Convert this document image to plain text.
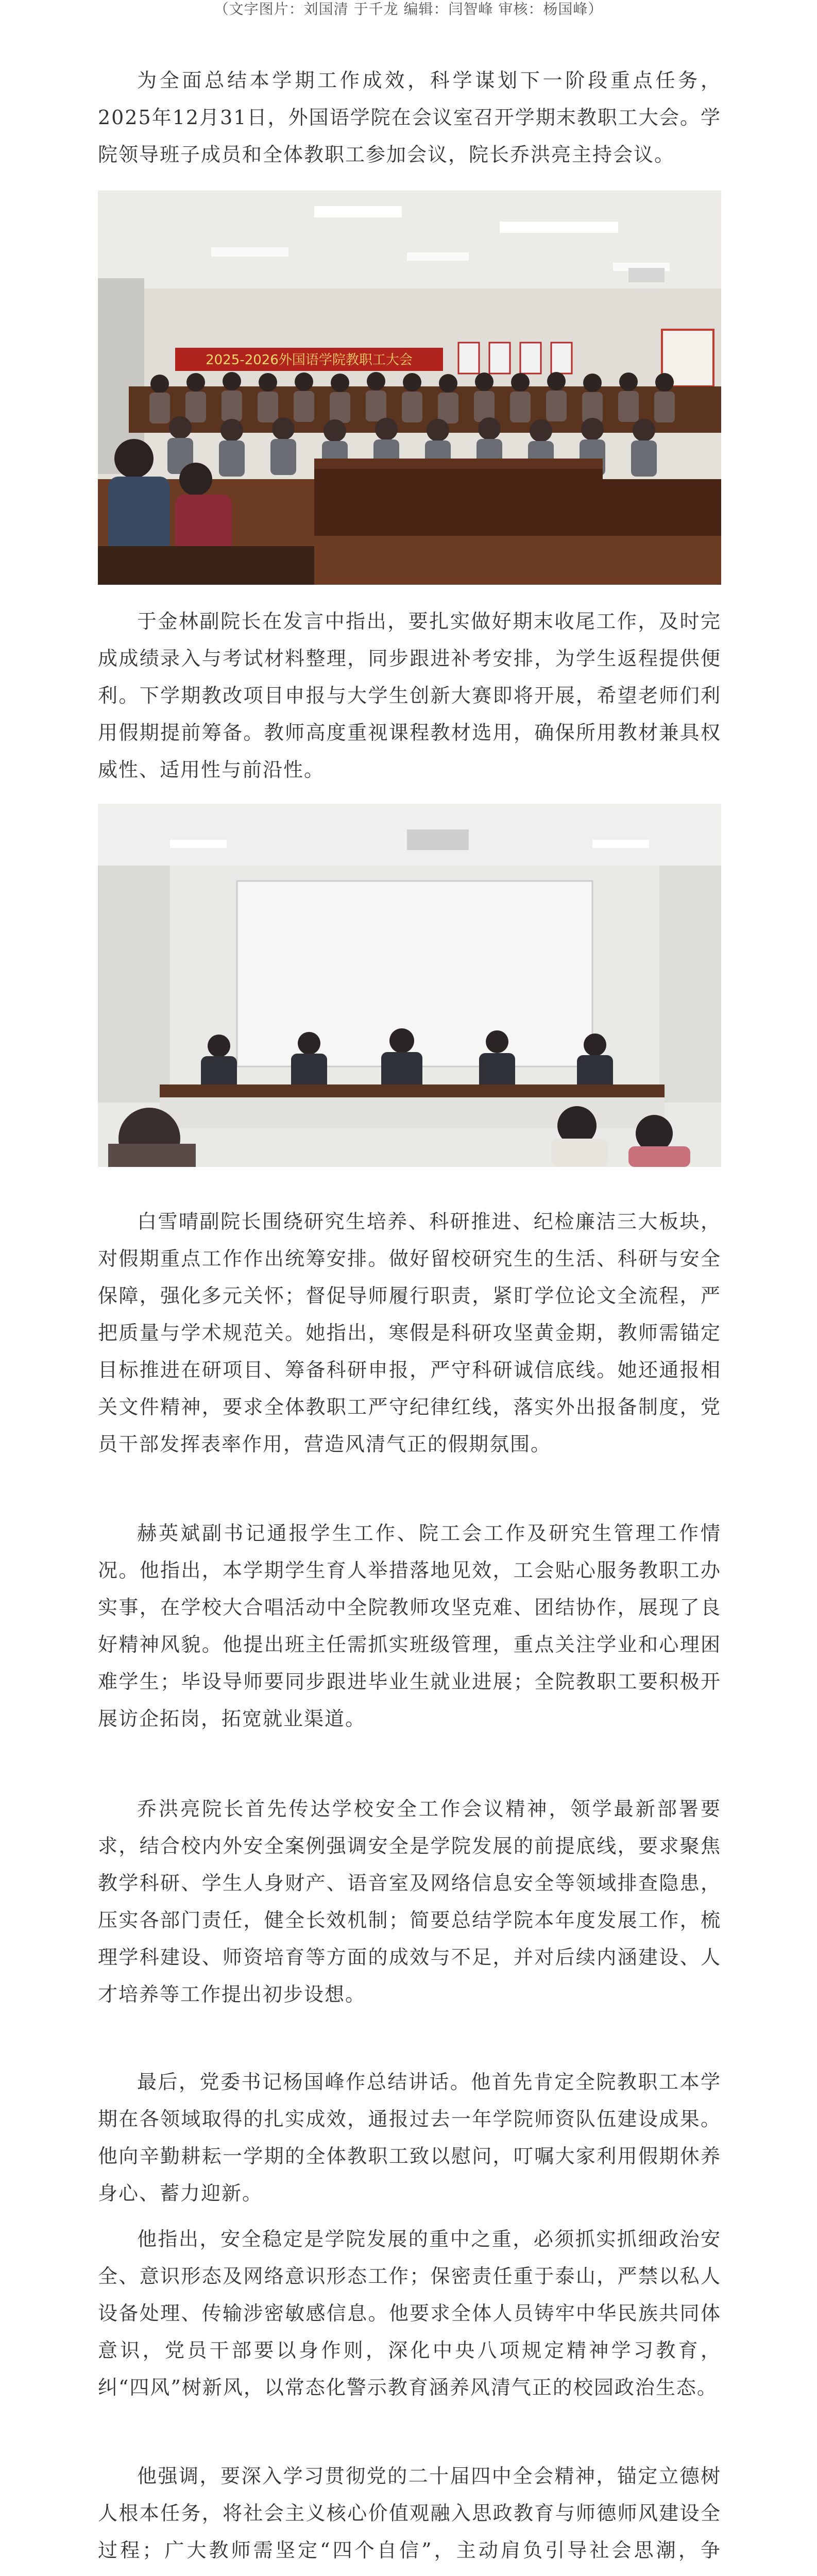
（文字图片：刘国清 于千龙 编辑：闫智峰 审核：杨国峰）

为全面总结本学期工作成效，科学谋划下一阶段重点任务，2025年12月31日，外国语学院在会议室召开学期末教职工大会。学院领导班子成员和全体教职工参加会议，院长乔洪亮主持会议。

2025-2026外国语学院教职工大会

于金林副院长在发言中指出，要扎实做好期末收尾工作，及时完成成绩录入与考试材料整理，同步跟进补考安排，为学生返程提供便利。下学期教改项目申报与大学生创新大赛即将开展，希望老师们利用假期提前筹备。教师高度重视课程教材选用，确保所用教材兼具权威性、适用性与前沿性。

白雪晴副院长围绕研究生培养、科研推进、纪检廉洁三大板块，对假期重点工作作出统筹安排。做好留校研究生的生活、科研与安全保障，强化多元关怀；督促导师履行职责，紧盯学位论文全流程，严把质量与学术规范关。她指出，寒假是科研攻坚黄金期，教师需锚定目标推进在研项目、筹备科研申报，严守科研诚信底线。她还通报相关文件精神，要求全体教职工严守纪律红线，落实外出报备制度，党员干部发挥表率作用，营造风清气正的假期氛围。

赫英斌副书记通报学生工作、院工会工作及研究生管理工作情况。他指出，本学期学生育人举措落地见效，工会贴心服务教职工办实事，在学校大合唱活动中全院教师攻坚克难、团结协作，展现了良好精神风貌。他提出班主任需抓实班级管理，重点关注学业和心理困难学生；毕设导师要同步跟进毕业生就业进展；全院教职工要积极开展访企拓岗，拓宽就业渠道。

乔洪亮院长首先传达学校安全工作会议精神，领学最新部署要求，结合校内外安全案例强调安全是学院发展的前提底线，要求聚焦教学科研、学生人身财产、语音室及网络信息安全等领域排查隐患，压实各部门责任，健全长效机制；简要总结学院本年度发展工作，梳理学科建设、师资培育等方面的成效与不足，并对后续内涵建设、人才培养等工作提出初步设想。

最后，党委书记杨国峰作总结讲话。他首先肯定全院教职工本学期在各领域取得的扎实成效，通报过去一年学院师资队伍建设成果。他向辛勤耕耘一学期的全体教职工致以慰问，叮嘱大家利用假期休养身心、蓄力迎新。

他指出，安全稳定是学院发展的重中之重，必须抓实抓细政治安全、意识形态及网络意识形态工作；保密责任重于泰山，严禁以私人设备处理、传输涉密敏感信息。他要求全体人员铸牢中华民族共同体意识，党员干部要以身作则，深化中央八项规定精神学习教育，纠“四风”树新风，以常态化警示教育涵养风清气正的校园政治生态。

他强调，要深入学习贯彻党的二十届四中全会精神，锚定立德树人根本任务，将社会主义核心价值观融入思政教育与师德师风建设全过程；广大教师需坚定“四个自信”，主动肩负引导社会思潮，争
